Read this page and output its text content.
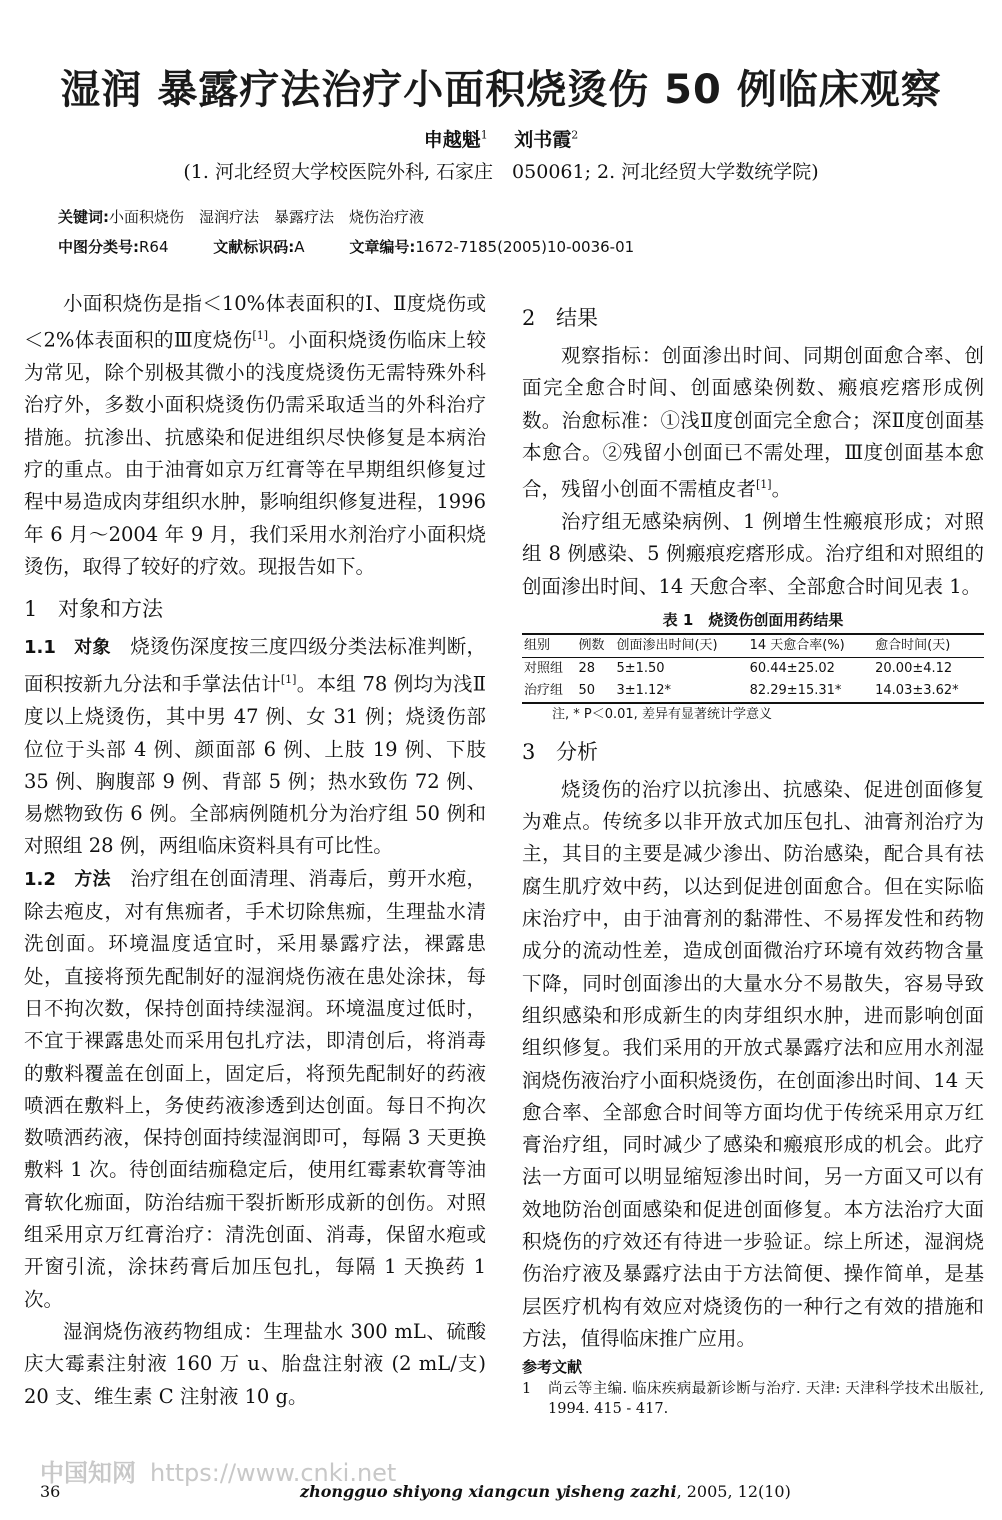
湿润 暴露疗法治疗小面积烧烫伤 50 例临床观察
申越魁$^1$ 刘书霞$^2$
(1. 河北经贸大学校医院外科, 石家庄　050061; 2. 河北经贸大学数统学院)
关键词:小面积烧伤　湿润疗法　暴露疗法　烧伤治疗液
中图分类号:R64	文献标识码:A	文章编号:1672-7185(2005)10-0036-01

小面积烧伤是指＜10%体表面积的Ⅰ、Ⅱ度烧伤或＜2%体表面积的Ⅲ度烧伤[1]。小面积烧烫伤临床上较为常见，除个别极其微小的浅度烧烫伤无需特殊外科治疗外，多数小面积烧烫伤仍需采取适当的外科治疗措施。抗渗出、抗感染和促进组织尽快修复是本病治疗的重点。由于油膏如京万红膏等在早期组织修复过程中易造成肉芽组织水肿，影响组织修复进程，1996 年 6 月～2004 年 9 月，我们采用水剂治疗小面积烧烫伤，取得了较好的疗效。现报告如下。

1 对象和方法

1.1 对象 烧烫伤深度按三度四级分类法标准判断，面积按新九分法和手掌法估计[1]。本组 78 例均为浅Ⅱ度以上烧烫伤，其中男 47 例、女 31 例；烧烫伤部位位于头部 4 例、颜面部 6 例、上肢 19 例、下肢 35 例、胸腹部 9 例、背部 5 例；热水致伤 72 例、易燃物致伤 6 例。全部病例随机分为治疗组 50 例和对照组 28 例，两组临床资料具有可比性。

1.2 方法 治疗组在创面清理、消毒后，剪开水疱，除去疱皮，对有焦痂者，手术切除焦痂，生理盐水清洗创面。环境温度适宜时，采用暴露疗法，裸露患处，直接将预先配制好的湿润烧伤液在患处涂抹，每日不拘次数，保持创面持续湿润。环境温度过低时，不宜于裸露患处而采用包扎疗法，即清创后，将消毒的敷料覆盖在创面上，固定后，将预先配制好的药液喷洒在敷料上，务使药液渗透到达创面。每日不拘次数喷洒药液，保持创面持续湿润即可，每隔 3 天更换敷料 1 次。待创面结痂稳定后，使用红霉素软膏等油膏软化痂面，防治结痂干裂折断形成新的创伤。对照组采用京万红膏治疗：清洗创面、消毒，保留水疱或开窗引流，涂抹药膏后加压包扎，每隔 1 天换药 1 次。

湿润烧伤液药物组成：生理盐水 300 mL、硫酸庆大霉素注射液 160 万 u、胎盘注射液 (2 mL/支) 20 支、维生素 C 注射液 10 g。

2 结果

观察指标：创面渗出时间、同期创面愈合率、创面完全愈合时间、创面感染例数、瘢痕疙瘩形成例数。治愈标准：①浅Ⅱ度创面完全愈合；深Ⅱ度创面基本愈合。②残留小创面已不需处理，Ⅲ度创面基本愈合，残留小创面不需植皮者[1]。

治疗组无感染病例、1 例增生性瘢痕形成；对照组 8 例感染、5 例瘢痕疙瘩形成。治疗组和对照组的创面渗出时间、14 天愈合率、全部愈合时间见表 1。

表 1　烧烫伤创面用药结果
组别	例数	创面渗出时间(天)	14 天愈合率(%)	愈合时间(天)
对照组	28	5±1.50	60.44±25.02	20.00±4.12
治疗组	50	3±1.12*	82.29±15.31*	14.03±3.62*
注, * P＜0.01, 差异有显著统计学意义
3 分析

烧烫伤的治疗以抗渗出、抗感染、促进创面修复为难点。传统多以非开放式加压包扎、油膏剂治疗为主，其目的主要是减少渗出、防治感染，配合具有祛腐生肌疗效中药，以达到促进创面愈合。但在实际临床治疗中，由于油膏剂的黏滞性、不易挥发性和药物成分的流动性差，造成创面微治疗环境有效药物含量下降，同时创面渗出的大量水分不易散失，容易导致组织感染和形成新生的肉芽组织水肿，进而影响创面组织修复。我们采用的开放式暴露疗法和应用水剂湿润烧伤液治疗小面积烧烫伤，在创面渗出时间、14 天愈合率、全部愈合时间等方面均优于传统采用京万红膏治疗组，同时减少了感染和瘢痕形成的机会。此疗法一方面可以明显缩短渗出时间，另一方面又可以有效地防治创面感染和促进创面修复。本方法治疗大面积烧伤的疗效还有待进一步验证。综上所述，湿润烧伤治疗液及暴露疗法由于方法简便、操作简单，是基层医疗机构有效应对烧烫伤的一种行之有效的措施和方法，值得临床推广应用。

参考文献
1	尚云等主编. 临床疾病最新诊断与治疗. 天津: 天津科学技术出版社, 1994. 415 - 417.
中国知网 https://www.cnki.net
36	zhongguo shiyong xiangcun yisheng zazhi, 2005, 12(10)
